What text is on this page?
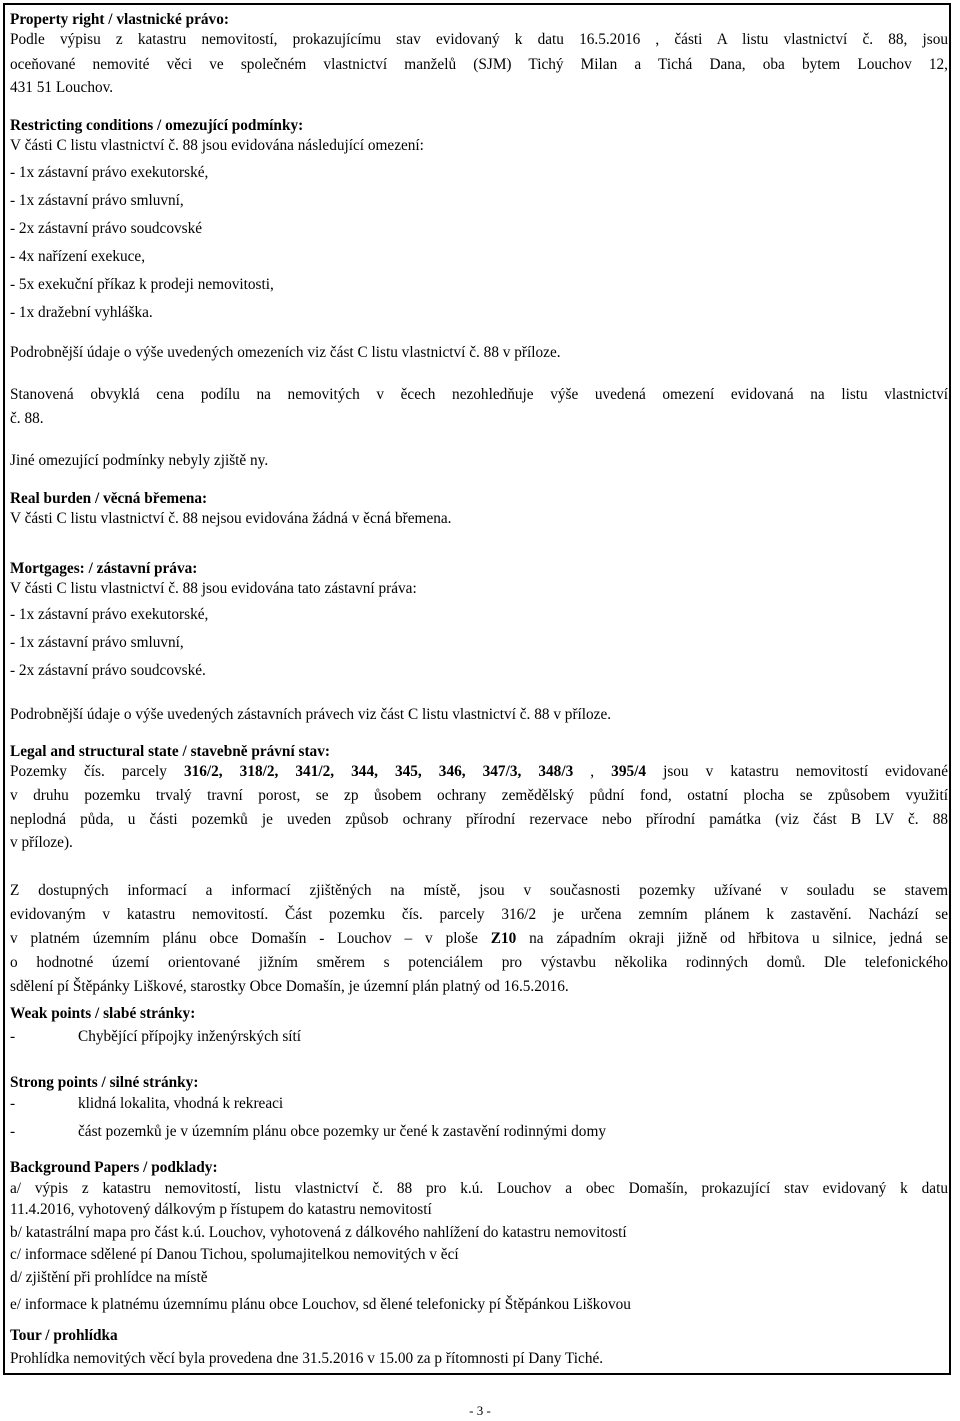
Property right / vlastnické právo:
Podle výpisu z katastru nemovitostí, prokazujícímu stav evidovaný k datu 16.5.2016 , části A listu vlastnictví č. 88, jsou
oceňované nemovité věci ve společném vlastnictví manželů (SJM) Tichý Milan a Tichá Dana, oba bytem Louchov 12,
431 51 Louchov.
Restricting conditions / omezující podmínky:
V části C listu vlastnictví č. 88 jsou evidována následující omezení:
- 1x zástavní právo exekutorské,
- 1x zástavní právo smluvní,
- 2x zástavní právo soudcovské
- 4x nařízení exekuce,
- 5x exekuční příkaz k prodeji nemovitosti,
- 1x dražební vyhláška.
Podrobnější údaje o výše uvedených omezeních viz část C listu vlastnictví č. 88 v příloze.
Stanovená obvyklá cena podílu na nemovitých v ěcech nezohledňuje výše uvedená omezení evidovaná na listu vlastnictví
č. 88.
Jiné omezující podmínky nebyly zjiště ny.
Real burden / věcná břemena:
V části C listu vlastnictví č. 88 nejsou evidována žádná v ěcná břemena.
Mortgages: / zástavní práva:
V části C listu vlastnictví č. 88 jsou evidována tato zástavní práva:
- 1x zástavní právo exekutorské,
- 1x zástavní právo smluvní,
- 2x zástavní právo soudcovské.
Podrobnější údaje o výše uvedených zástavních právech viz část C listu vlastnictví č. 88 v příloze.
Legal and structural state / stavebně právní stav:
Pozemky čís. parcely 316/2, 318/2, 341/2, 344, 345, 346, 347/3, 348/3 , 395/4 jsou v katastru nemovitostí evidované
v druhu pozemku trvalý travní porost, se zp ůsobem ochrany zemědělský půdní fond, ostatní plocha se způsobem využití
neplodná půda, u části pozemků je uveden způsob ochrany přírodní rezervace nebo přírodní památka (viz část B LV č. 88
v příloze).
Z dostupných informací a informací zjištěných na místě, jsou v současnosti pozemky užívané v souladu se stavem
evidovaným v katastru nemovitostí. Část pozemku čís. parcely 316/2 je určena zemním plánem k zastavění. Nachází se
v platném územním plánu obce Domašín - Louchov – v ploše Z10 na západním okraji jižně od hřbitova u silnice, jedná se
o hodnotné území orientované jižním směrem s potenciálem pro výstavbu několika rodinných domů. Dle telefonického
sdělení pí Štěpánky Liškové, starostky Obce Domašín, je územní plán platný od 16.5.2016.
Weak points / slabé stránky:
-	Chybějící přípojky inženýrských sítí
Strong points / silné stránky:
-	klidná lokalita, vhodná k rekreaci
-	část pozemků je v územním plánu obce pozemky ur čené k zastavění rodinnými domy
Background Papers / podklady:
a/ výpis z katastru nemovitostí, listu vlastnictví č. 88 pro k.ú. Louchov a obec Domašín, prokazující stav evidovaný k datu
11.4.2016, vyhotovený dálkovým p řístupem do katastru nemovitostí
b/ katastrální mapa pro část k.ú. Louchov, vyhotovená z dálkového nahlížení do katastru nemovitostí
c/ informace sdělené pí Danou Tichou, spolumajitelkou nemovitých v ěcí
d/ zjištění při prohlídce na místě
e/ informace k platnému územnímu plánu obce Louchov, sd ělené telefonicky pí Štěpánkou Liškovou
Tour / prohlídka
Prohlídka nemovitých věcí byla provedena dne 31.5.2016 v 15.00 za p řítomnosti pí Dany Tiché.
- 3 -
